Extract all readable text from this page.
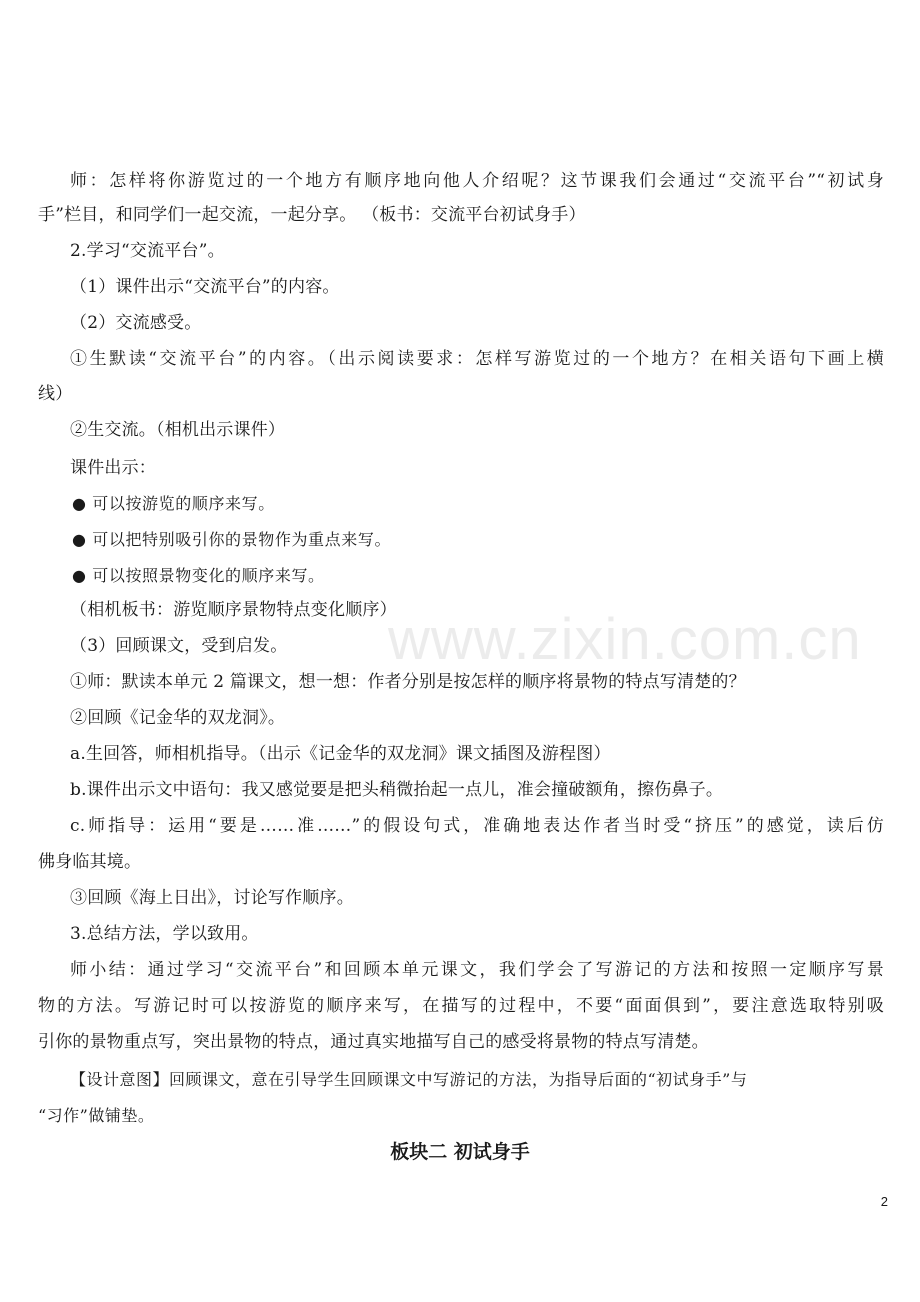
www.zixin.com.cn
师：怎样将你游览过的一个地方有顺序地向他人介绍呢？这节课我们会通过“交流平台”“初试身
手”栏目，和同学们一起交流，一起分享。 （板书：交流平台初试身手）
2.学习“交流平台”。
（1）课件出示“交流平台”的内容。
（2）交流感受。
①生默读“交流平台”的内容。（出示阅读要求：怎样写游览过的一个地方？在相关语句下画上横
线）
②生交流。（相机出示课件）
课件出示：
● 可以按游览的顺序来写。
● 可以把特别吸引你的景物作为重点来写。
● 可以按照景物变化的顺序来写。
（相机板书：游览顺序景物特点变化顺序）
（3）回顾课文，受到启发。
①师：默读本单元 2 篇课文，想一想：作者分别是按怎样的顺序将景物的特点写清楚的？
②回顾《记金华的双龙洞》。
a.生回答，师相机指导。（出示《记金华的双龙洞》课文插图及游程图）
b.课件出示文中语句：我又感觉要是把头稍微抬起一点儿，准会撞破额角，擦伤鼻子。
c.师指导：运用“要是……准……”的假设句式，准确地表达作者当时受“挤压”的感觉，读后仿
佛身临其境。
③回顾《海上日出》，讨论写作顺序。
3.总结方法，学以致用。
师小结：通过学习“交流平台”和回顾本单元课文，我们学会了写游记的方法和按照一定顺序写景
物的方法。写游记时可以按游览的顺序来写，在描写的过程中，不要“面面俱到”，要注意选取特别吸
引你的景物重点写，突出景物的特点，通过真实地描写自己的感受将景物的特点写清楚。
【设计意图】回顾课文，意在引导学生回顾课文中写游记的方法，为指导后面的“初试身手”与
“习作”做铺垫。
板块二 初试身手
2
